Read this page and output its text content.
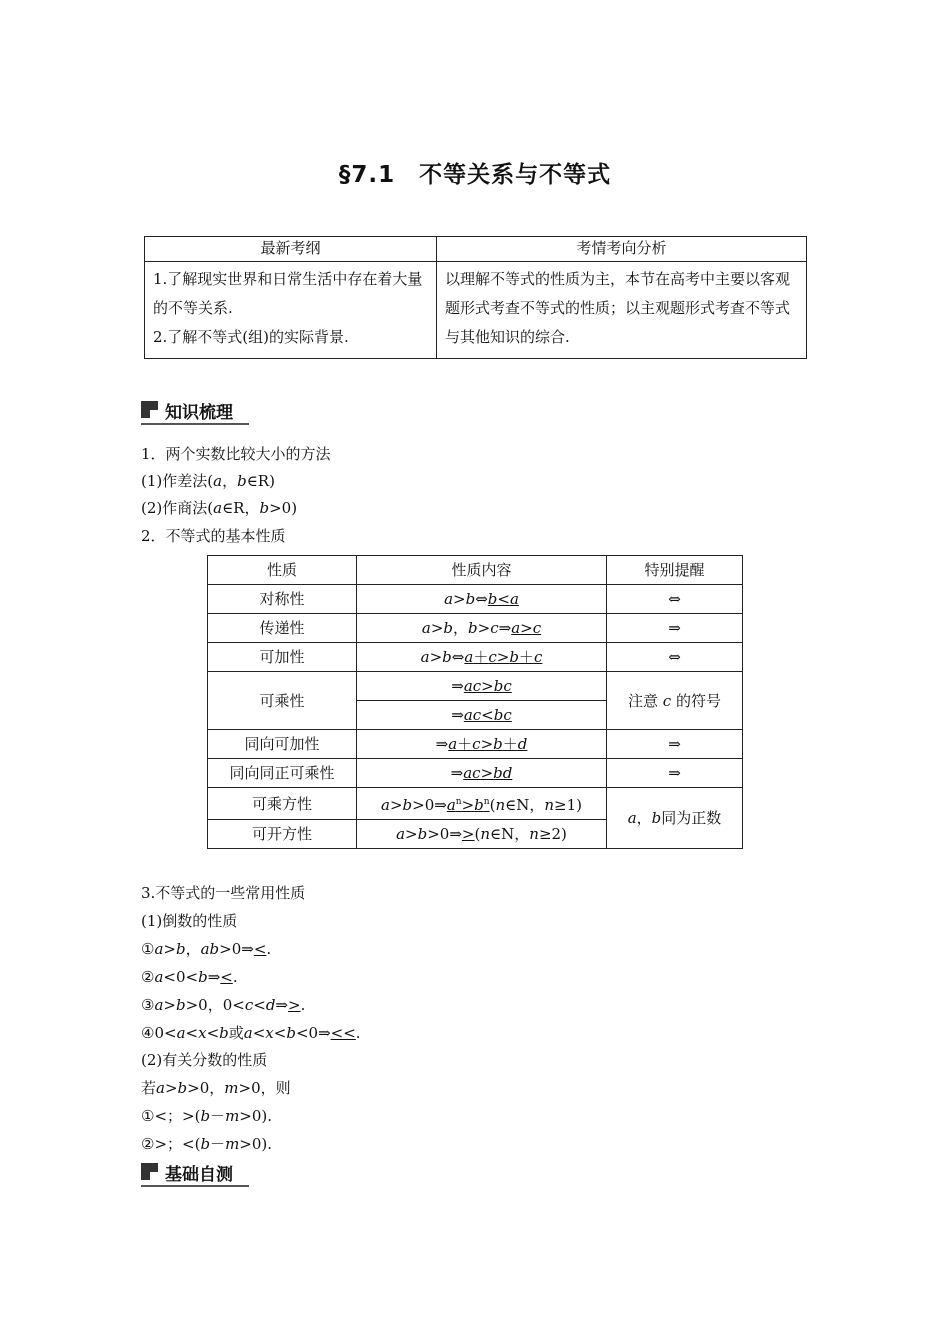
§7.1　不等关系与不等式
最新考纲	考情考向分析

1.了解现实世界和日常生活中存在着大量的不等关系.
2.了解不等式(组)的实际背景.	以理解不等式的性质为主，本节在高考中主要以客观题形式考查不等式的性质；以主观题形式考查不等式与其他知识的综合.
知识梳理
1．两个实数比较大小的方法
(1)作差法(a，b∈R)
(2)作商法(a∈R，b>0)
2．不等式的基本性质
性质	性质内容	特别提醒
对称性	a>b⇔b<a	⇔
传递性	a>b，b>c⇒a>c	⇒
可加性	a>b⇔a＋c>b＋c	⇔
可乘性	⇒ac>bc	注意 c 的符号
	⇒ac<bc	
同向可加性	⇒a＋c>b＋d	⇒
同向同正可乘性	⇒ac>bd	⇒
可乘方性	$a>b>0\Rightarrow a^n>b^n(n\in N$，n≥1)	a，b同为正数
可开方性	a>b>0⇒>(n∈N，n≥2)	
3.不等式的一些常用性质
(1)倒数的性质
①a>b，ab>0⇒<.
②a<0<b⇒<.
③a>b>0，0<c<d⇒>.
④0<a<x<b或a<x<b<0⇒<<.
(2)有关分数的性质
若a>b>0，m>0，则
①<；>(b－m>0).
②>；<(b－m>0).
基础自测
